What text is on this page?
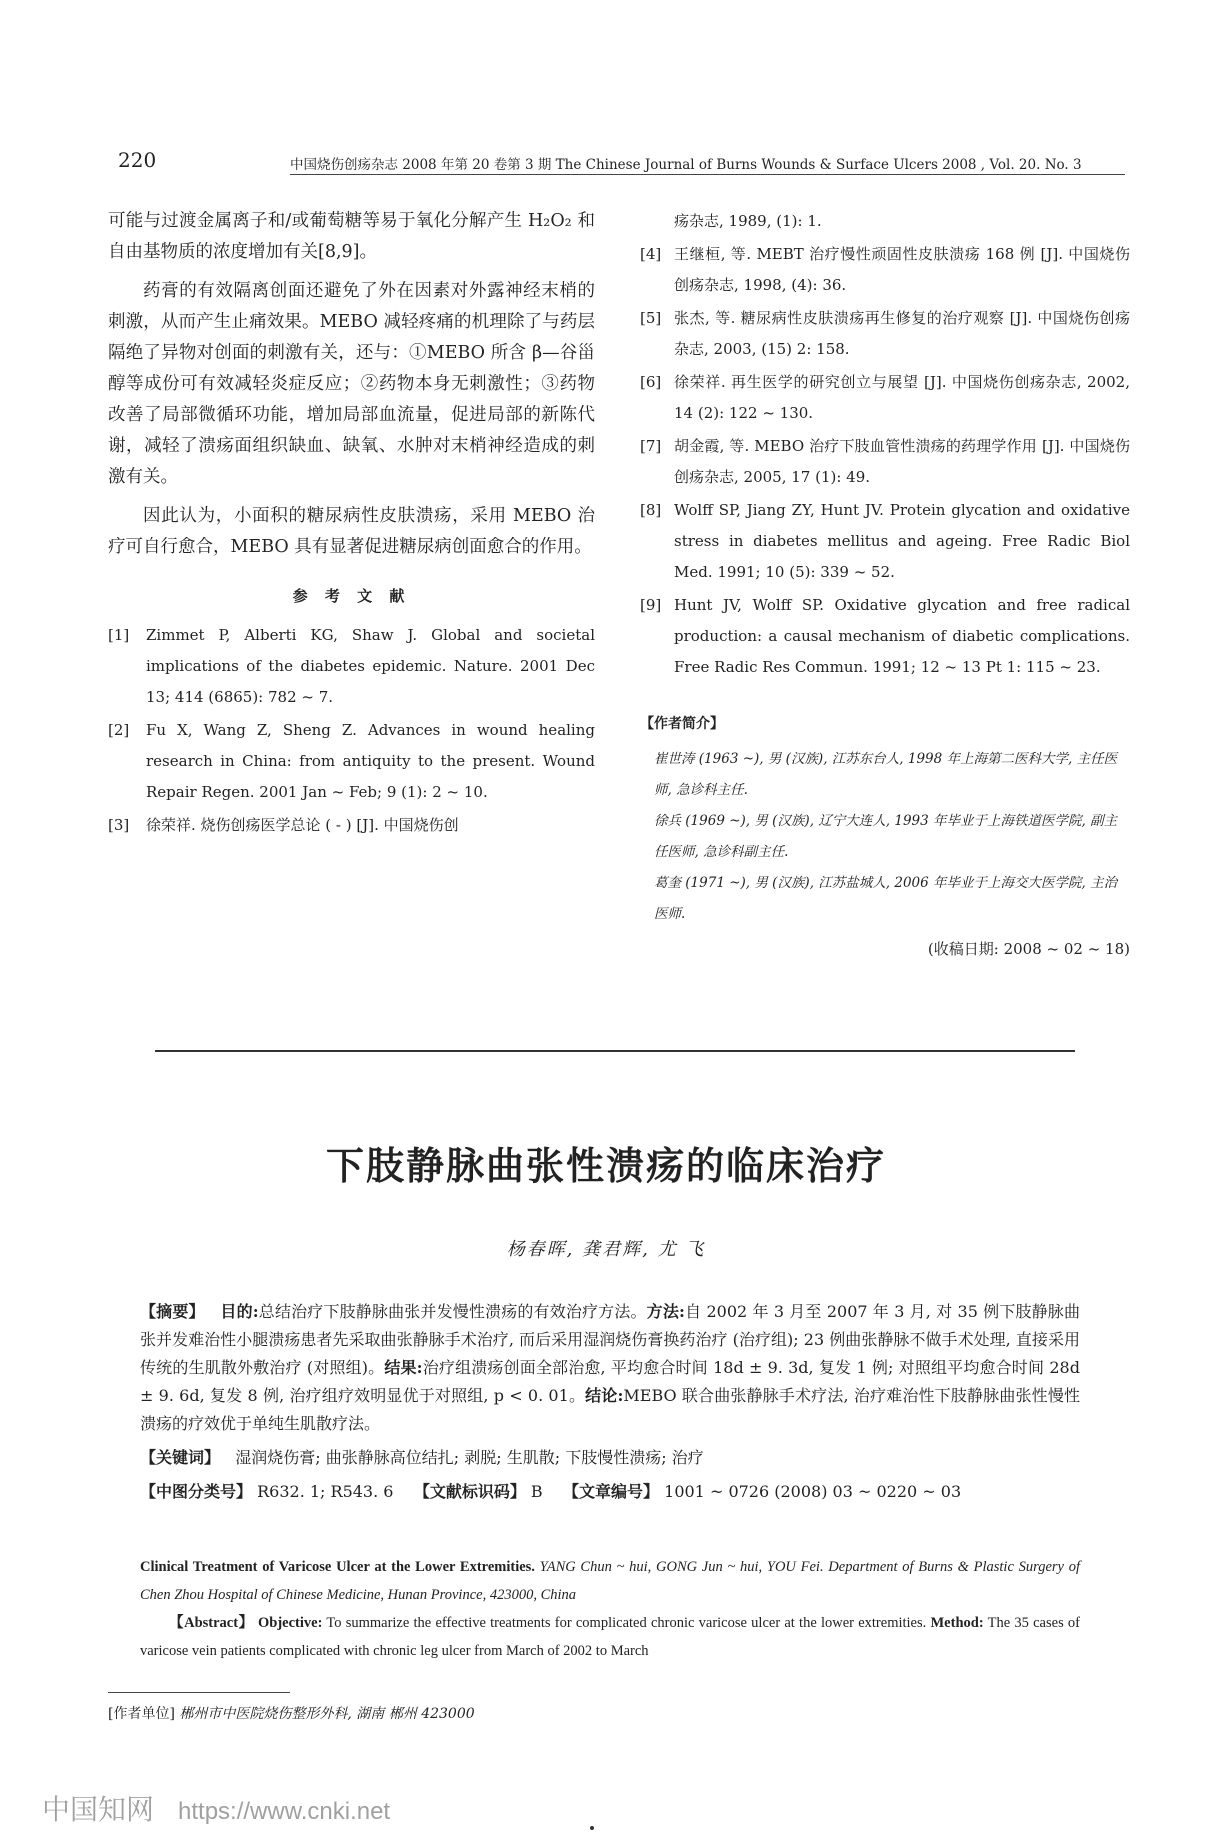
220	中国烧伤创疡杂志 2008 年第 20 卷第 3 期 The Chinese Journal of Burns Wounds & Surface Ulcers 2008 , Vol. 20. No. 3

可能与过渡金属离子和/或葡萄糖等易于氧化分解产生 H₂O₂ 和自由基物质的浓度增加有关[8,9]。

药膏的有效隔离创面还避免了外在因素对外露神经末梢的刺激，从而产生止痛效果。MEBO 减轻疼痛的机理除了与药层隔绝了异物对创面的刺激有关，还与：①MEBO 所含 β—谷甾醇等成份可有效减轻炎症反应；②药物本身无刺激性；③药物改善了局部微循环功能，增加局部血流量，促进局部的新陈代谢，减轻了溃疡面组织缺血、缺氧、水肿对末梢神经造成的刺激有关。

因此认为，小面积的糖尿病性皮肤溃疡，采用 MEBO 治疗可自行愈合，MEBO 具有显著促进糖尿病创面愈合的作用。

参 考 文 献
[1]	Zimmet P, Alberti KG, Shaw J. Global and societal implications of the diabetes epidemic. Nature. 2001 Dec 13; 414 (6865): 782 ~ 7.
[2]	Fu X, Wang Z, Sheng Z. Advances in wound healing research in China: from antiquity to the present. Wound Repair Regen. 2001 Jan ~ Feb; 9 (1): 2 ~ 10.
[3]	徐荣祥. 烧伤创疡医学总论 ( - ) [J]. 中国烧伤创
疡杂志, 1989, (1): 1.
[4] 王继桓, 等. MEBT 治疗慢性顽固性皮肤溃疡 168 例 [J]. 中国烧伤创疡杂志, 1998, (4): 36.
[5] 张杰, 等. 糖尿病性皮肤溃疡再生修复的治疗观察 [J]. 中国烧伤创疡杂志, 2003, (15) 2: 158.
[6] 徐荣祥. 再生医学的研究创立与展望 [J]. 中国烧伤创疡杂志, 2002, 14 (2): 122 ~ 130.
[7] 胡金霞, 等. MEBO 治疗下肢血管性溃疡的药理学作用 [J]. 中国烧伤创疡杂志, 2005, 17 (1): 49.
[8] Wolff SP, Jiang ZY, Hunt JV. Protein glycation and oxidative stress in diabetes mellitus and ageing. Free Radic Biol Med. 1991; 10 (5): 339 ~ 52.
[9] Hunt JV, Wolff SP. Oxidative glycation and free radical production: a causal mechanism of diabetic complications. Free Radic Res Commun. 1991; 12 ~ 13 Pt 1: 115 ~ 23.
【作者简介】
崔世涛 (1963 ~), 男 (汉族), 江苏东台人, 1998 年上海第二医科大学, 主任医师, 急诊科主任.
徐兵 (1969 ~), 男 (汉族), 辽宁大连人, 1993 年毕业于上海铁道医学院, 副主任医师, 急诊科副主任.
葛奎 (1971 ~), 男 (汉族), 江苏盐城人, 2006 年毕业于上海交大医学院, 主治医师.
(收稿日期: 2008 ~ 02 ~ 18)
下肢静脉曲张性溃疡的临床治疗
杨春晖, 龚君辉, 尤 飞

【摘要】 目的:总结治疗下肢静脉曲张并发慢性溃疡的有效治疗方法。方法:自 2002 年 3 月至 2007 年 3 月, 对 35 例下肢静脉曲张并发难治性小腿溃疡患者先采取曲张静脉手术治疗, 而后采用湿润烧伤膏换药治疗 (治疗组); 23 例曲张静脉不做手术处理, 直接采用传统的生肌散外敷治疗 (对照组)。结果:治疗组溃疡创面全部治愈, 平均愈合时间 18d ± 9. 3d, 复发 1 例; 对照组平均愈合时间 28d ± 9. 6d, 复发 8 例, 治疗组疗效明显优于对照组, p < 0. 01。结论:MEBO 联合曲张静脉手术疗法, 治疗难治性下肢静脉曲张性慢性溃疡的疗效优于单纯生肌散疗法。

【关键词】 湿润烧伤膏; 曲张静脉高位结扎; 剥脱; 生肌散; 下肢慢性溃疡; 治疗

【中图分类号】 R632. 1; R543. 6 【文献标识码】 B 【文章编号】 1001 ~ 0726 (2008) 03 ~ 0220 ~ 03

Clinical Treatment of Varicose Ulcer at the Lower Extremities. YANG Chun ~ hui, GONG Jun ~ hui, YOU Fei. Department of Burns & Plastic Surgery of Chen Zhou Hospital of Chinese Medicine, Hunan Province, 423000, China

【Abstract】 Objective: To summarize the effective treatments for complicated chronic varicose ulcer at the lower extremities. Method: The 35 cases of varicose vein patients complicated with chronic leg ulcer from March of 2002 to March

[作者单位] 郴州市中医院烧伤整形外科, 湖南 郴州 423000
中国知网 https://www.cnki.net
